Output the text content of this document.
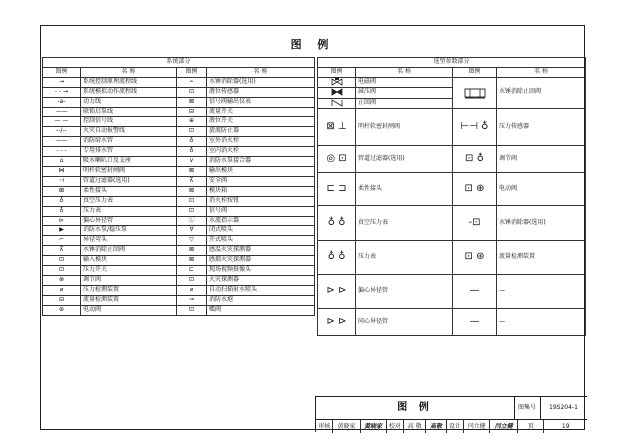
图 例
系统部分			
图例	名 称	图例	名 称
→	系统控制原理流程线	⌁	水锤消除器(选用)
‑ ‑ →	系统模拟动作流程线	⊡	液位传感器
‑a‑	动力线	⊠	信号阀输出仪表
——	联锁启泵线	⊟	流量开关
— —	控制信号线	⊕	液位开关
‑‑/‑‑	火灾自动报警线	⊡	旋流防止器
——	消防给水管	♁	室外消火栓
‑ ‑ ‑	专用排水管	♁	室内消火栓
⌂	吸水喇叭口及支座	∨	消防水泵接合器
⋈	明杆软密封闸阀	⊠	输出模块
⊣	管道过滤器(选用)	⊼	安全阀
⊠	柔性接头	⊠	模块箱
♁	真空压力表	⊡	消火栓按钮
♁	压力表	⊡	信号阀
⊳	偏心异径管	Ⓛ	水流指示器
▶	消防水泵/稳压泵	∀	闭式喷头
⌐	异径弯头	▽	开式喷头
⊼	水锤消除止回阀	⊠	感温火灾探测器
⊡	输入模块	⊠	感烟火灾探测器
⊡	压力开关	⊏	现场视频摄像头
⊗	调节阀	⊡	火灾探测器
⌀	压力检测装置	⌀	自动扫描射水喷头
⊟	流量检测装置	⊸	消防水炮
⊛	电动阀	⊡	蝶阀
选型参数部分			
图例	名 称	图例	名 称
	电磁阀		水锤消除止回阀
	减压阀		
	止回阀		
⊠ ⊥	明杆软密封闸阀	⊢⊣ ♁	压力传感器
◎ ⊡	管道过滤器(选用)	⊡ ♁	调节阀
⊏ ⊐	柔性接头	⊡ ⊕	电动阀
♁ ♁	真空压力表	‑⊡	水锤消除器(选用)
♁ ♁	压力表	⊡ ⊛	流量检测装置
⊳ ⊳	偏心异径管	—	—
⊳ ⊳	同心异径管	—	—
图 例	图集号	19S204-1
审核	黄晓家	黄晓家	校对	高 敬	高敬	设计	闫立健	闫立健	页	19
